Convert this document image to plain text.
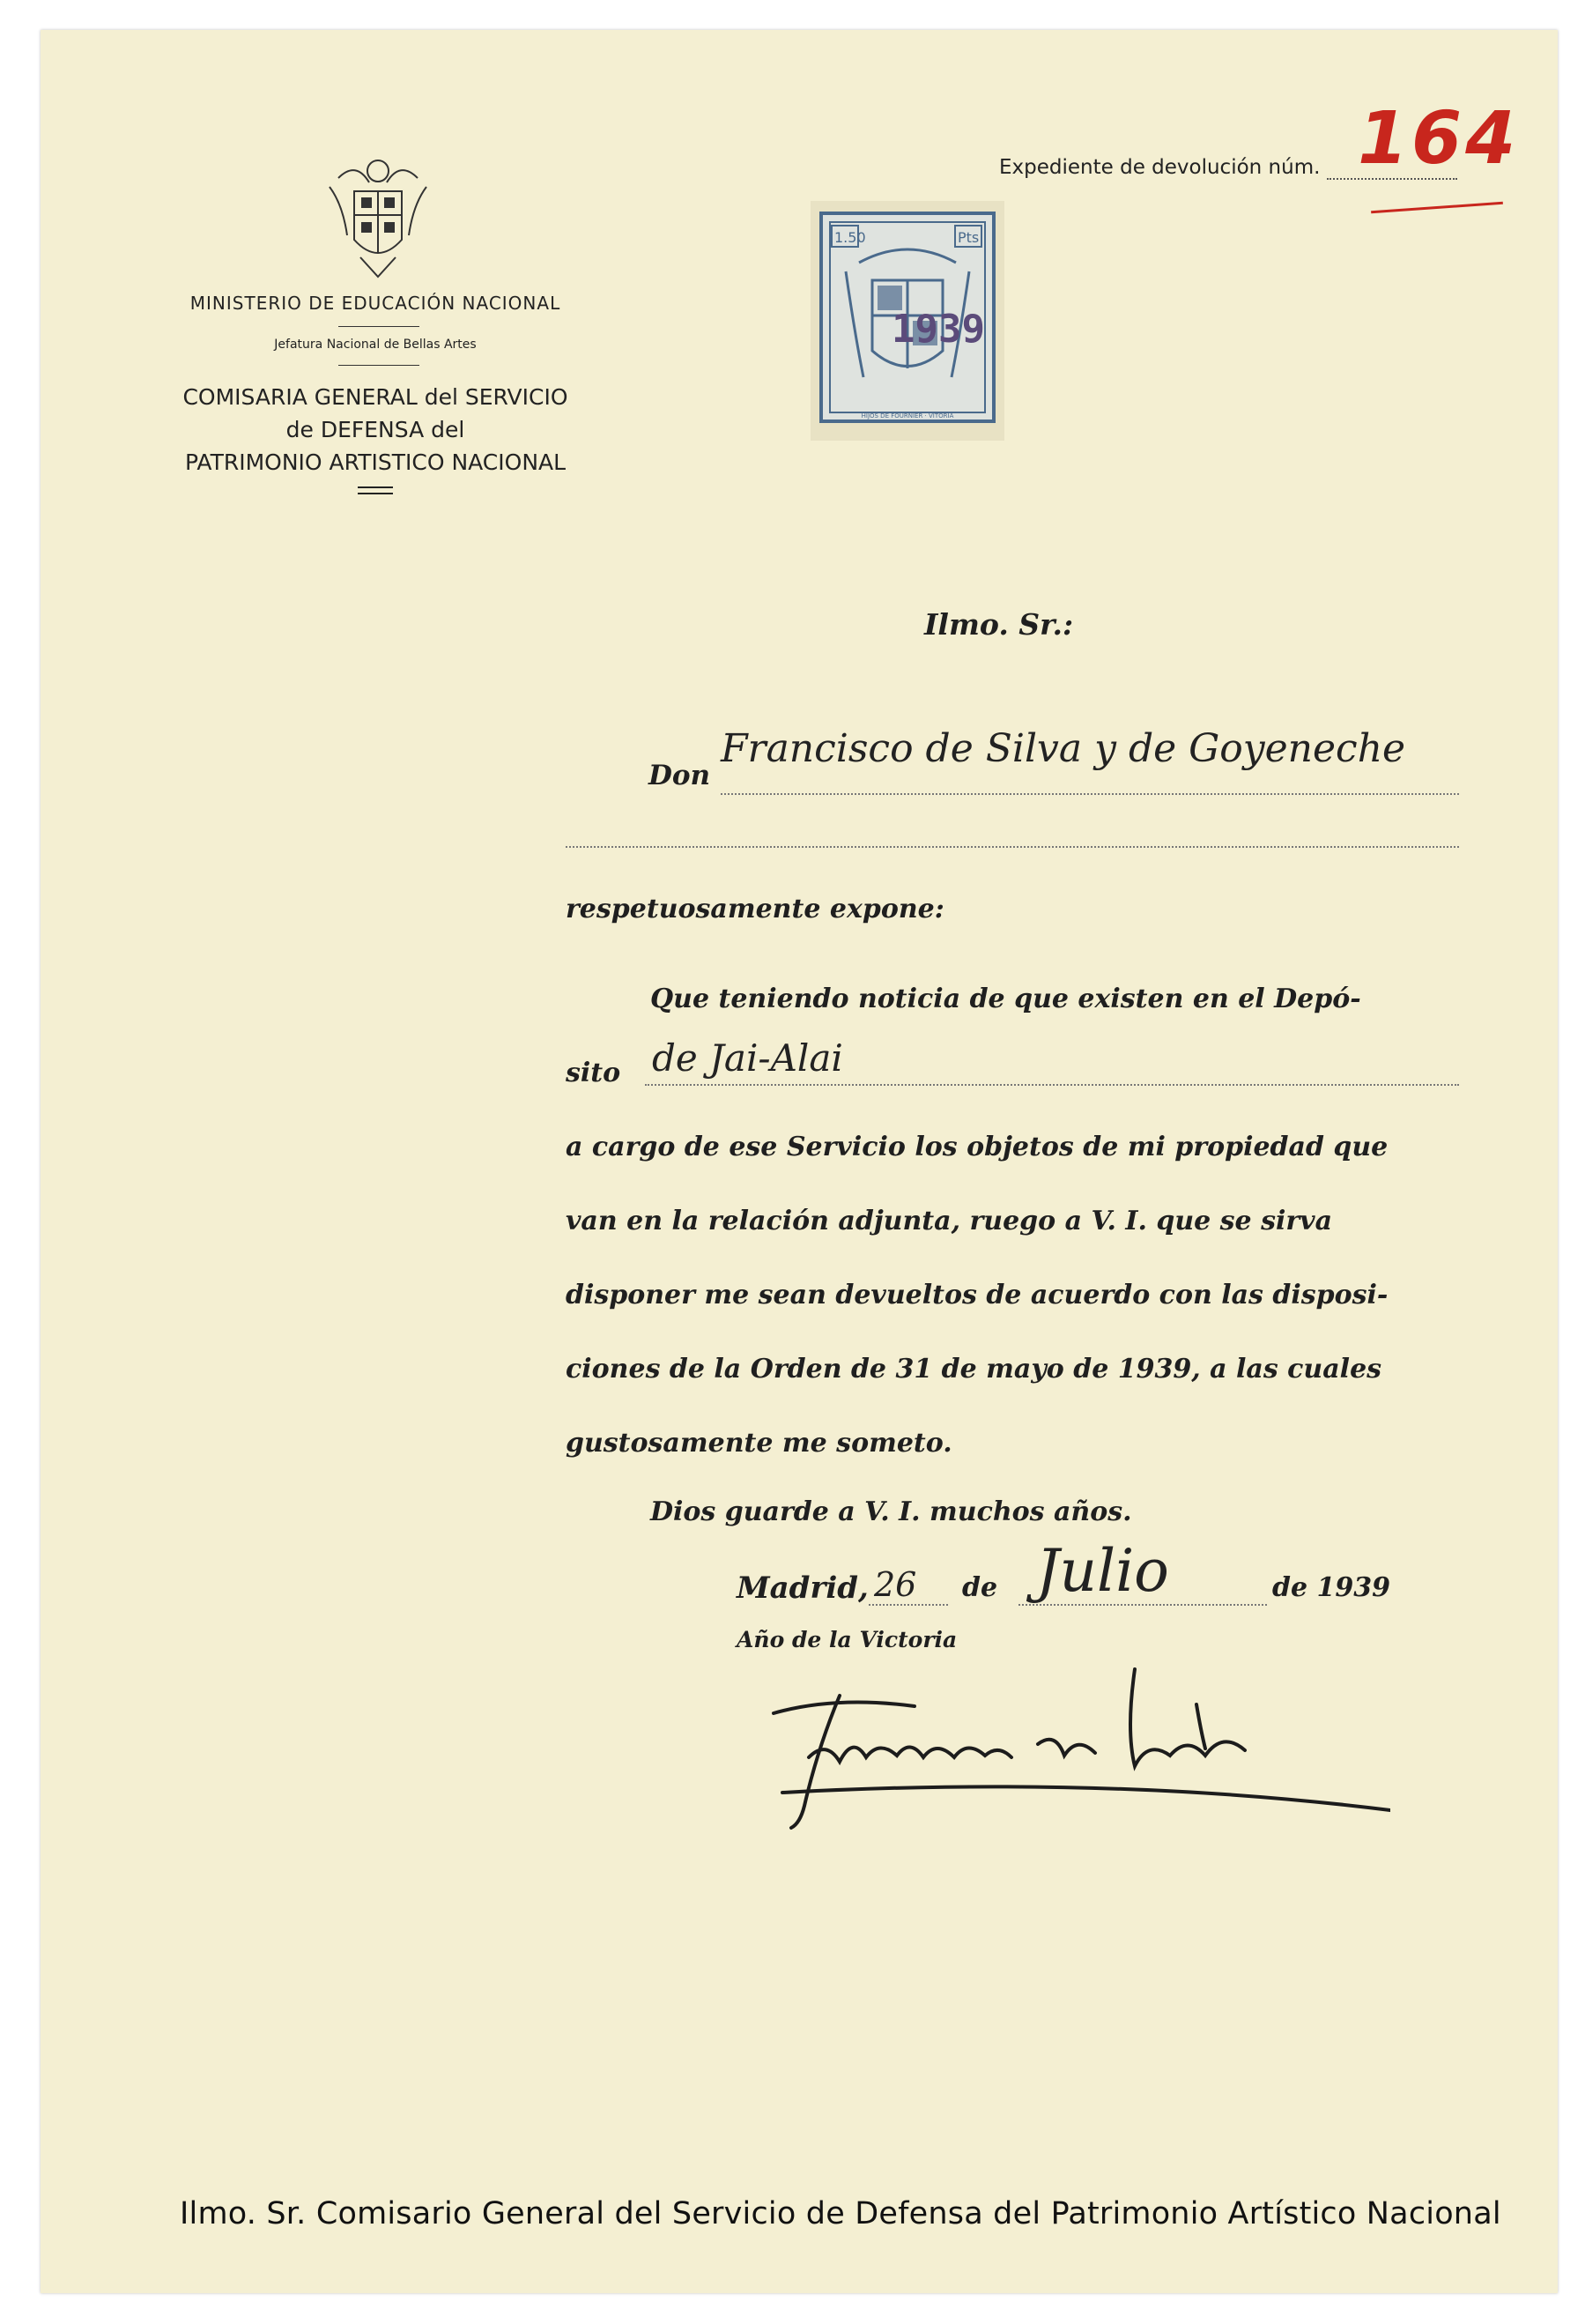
MINISTERIO DE EDUCACIÓN NACIONAL
Jefatura Nacional de Bellas Artes
COMISARIA GENERAL del SERVICIO
de DEFENSA del
PATRIMONIO ARTISTICO NACIONAL
Expediente de devolución núm. 164
1.50	Pts
1939
HIJOS DE FOURNIER · VITORIA
Ilmo. Sr.:
Don
Francisco de Silva y de Goyeneche
respetuosamente expone:
Que teniendo noticia de que existen en el Depó-
sito de Jai-Alai
a cargo de ese Servicio los objetos de mi propiedad que
van en la relación adjunta, ruego a V. I. que se sirva
disponer me sean devueltos de acuerdo con las disposi-
ciones de la Orden de 31 de mayo de 1939, a las cuales
gustosamente me someto.
Dios guarde a V. I. muchos años.
Madrid, 26 de Julio	de 1939
Año de la Victoria
Ilmo. Sr. Comisario General del Servicio de Defensa del Patrimonio Artístico Nacional
